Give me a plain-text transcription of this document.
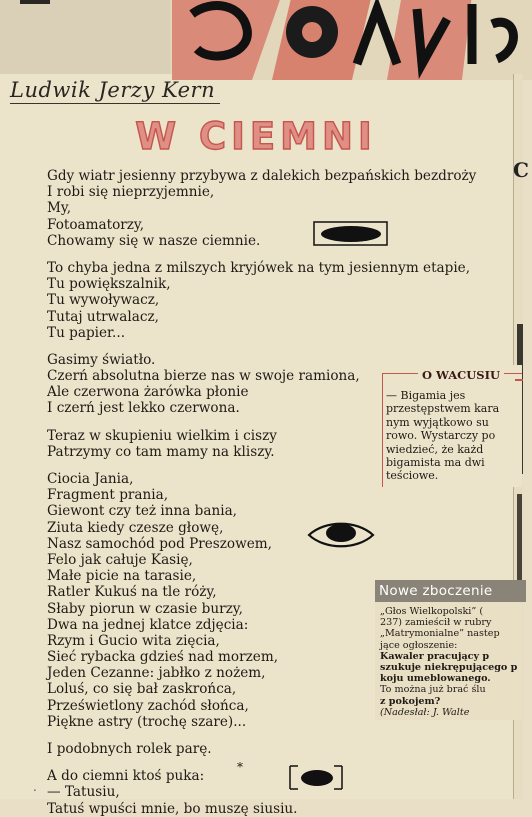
C
Ludwik Jerzy Kern
W CIEMNI
Gdy wiatr jesienny przybywa z dalekich bezpańskich bezdroży
I robi się nieprzyjemnie,
My,
Fotoamatorzy,
Chowamy się w nasze ciemnie.
To chyba jedna z milszych kryjówek na tym jesiennym etapie,
Tu powiększalnik,
Tu wywoływacz,
Tutaj utrwalacz,
Tu papier...
Gasimy światło.
Czerń absolutna bierze nas w swoje ramiona,
Ale czerwona żarówka płonie
I czerń jest lekko czerwona.
Teraz w skupieniu wielkim i ciszy
Patrzymy co tam mamy na kliszy.
Ciocia Jania,
Fragment prania,
Giewont czy też inna bania,
Ziuta kiedy czesze głowę,
Nasz samochód pod Preszowem,
Felo jak całuje Kasię,
Małe picie na tarasie,
Ratler Kukuś na tle róży,
Słaby piorun w czasie burzy,
Dwa na jednej klatce zdjęcia:
Rzym i Gucio wita zięcia,
Sieć rybacka gdzieś nad morzem,
Jeden Cezanne: jabłko z nożem,
Loluś, co się bał zaskrońca,
Prześwietlony zachód słońca,
Piękne astry (trochę szare)...
I podobnych rolek parę.
A do ciemni ktoś puka:
— Tatusiu,
Tatuś wpuści mnie, bo muszę siusiu.
*
.
O WACUSIU
— Bigamia jes
przestępstwem kara
nym wyjątkowo su
rowo. Wystarczy po
wiedzieć, że każd
bigamista ma dwi
teściowe.
Nowe zboczenie
„Głos Wielkopolski” (
237) zamieścił w rubry
„Matrymonialne” nastep
jące ogłoszenie:
Kawaler pracujący p
szukuje niekrępującego p
koju umeblowanego.
To można już brać ślu
z pokojem?
(Nadesłał: J. Walte
